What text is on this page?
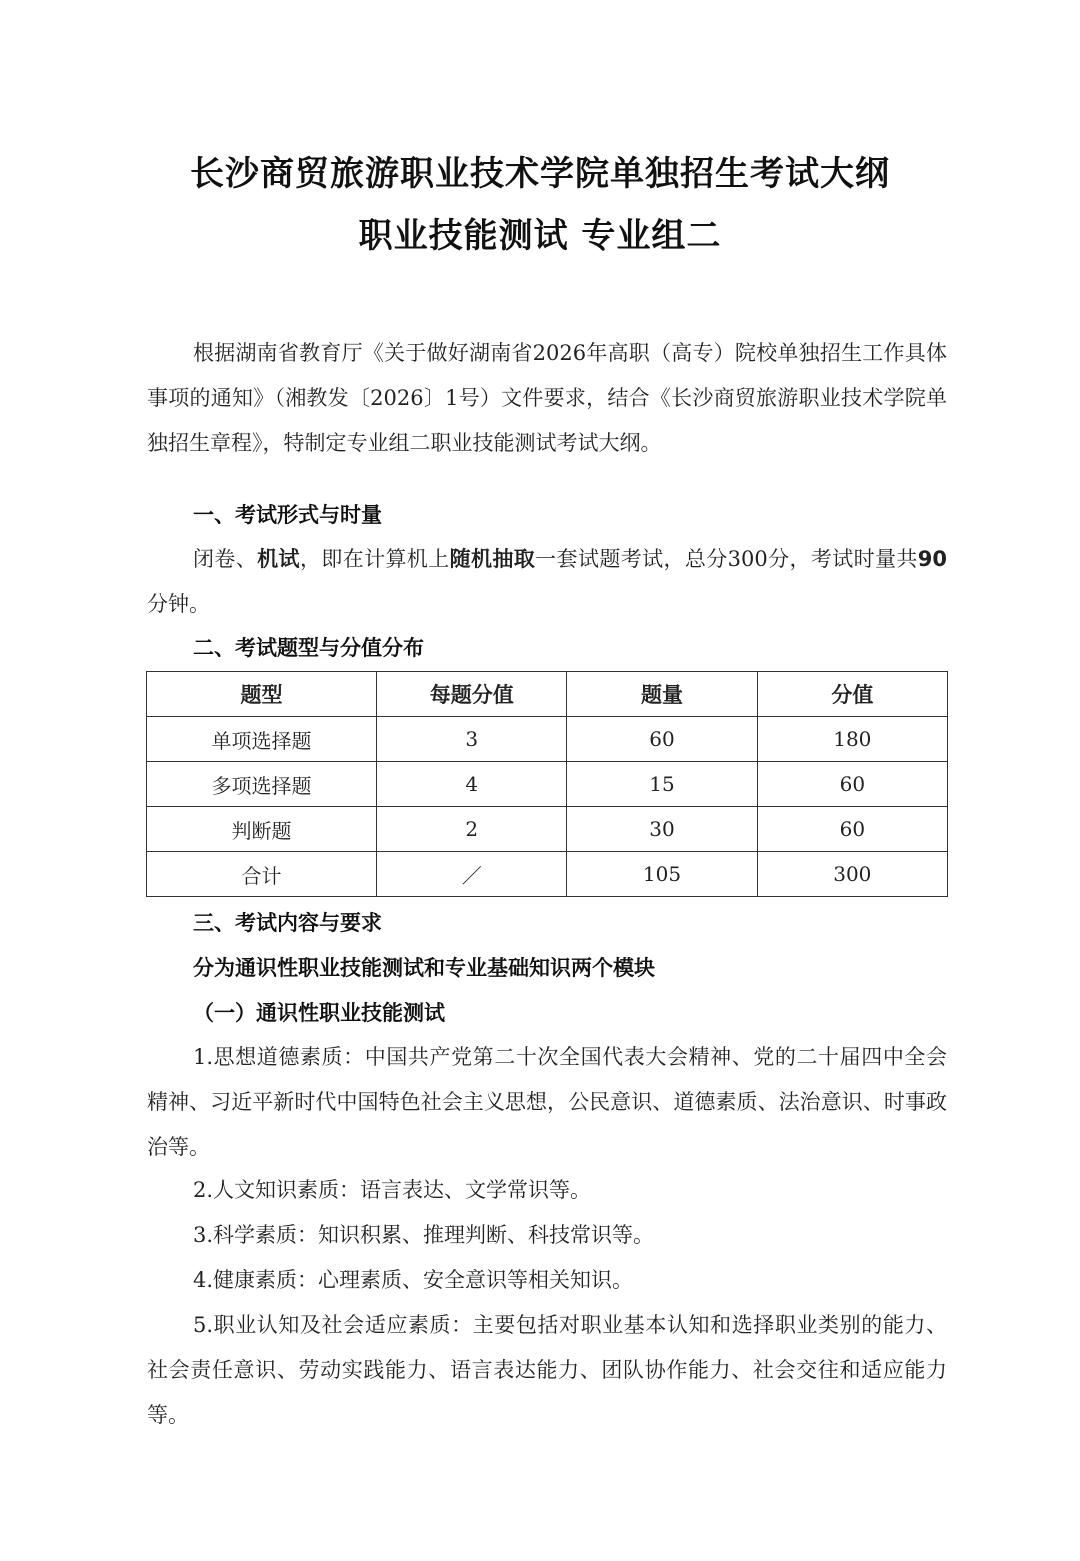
长沙商贸旅游职业技术学院单独招生考试大纲
职业技能测试 专业组二
根据湖南省教育厅《关于做好湖南省2026年高职（高专）院校单独招生工作具体事项的通知》（湘教发〔2026〕1号）文件要求，结合《长沙商贸旅游职业技术学院单独招生章程》，特制定专业组二职业技能测试考试大纲。
一、考试形式与时量
闭卷、机试，即在计算机上随机抽取一套试题考试，总分300分，考试时量共90分钟。
二、考试题型与分值分布
题型	每题分值	题量	分值
单项选择题	3	60	180
多项选择题	4	15	60
判断题	2	30	60
合计	／	105	300
三、考试内容与要求
分为通识性职业技能测试和专业基础知识两个模块
（一）通识性职业技能测试
1.思想道德素质：中国共产党第二十次全国代表大会精神、党的二十届四中全会精神、习近平新时代中国特色社会主义思想，公民意识、道德素质、法治意识、时事政治等。
2.人文知识素质：语言表达、文学常识等。
3.科学素质：知识积累、推理判断、科技常识等。
4.健康素质：心理素质、安全意识等相关知识。
5.职业认知及社会适应素质：主要包括对职业基本认知和选择职业类别的能力、社会责任意识、劳动实践能力、语言表达能力、团队协作能力、社会交往和适应能力等。
